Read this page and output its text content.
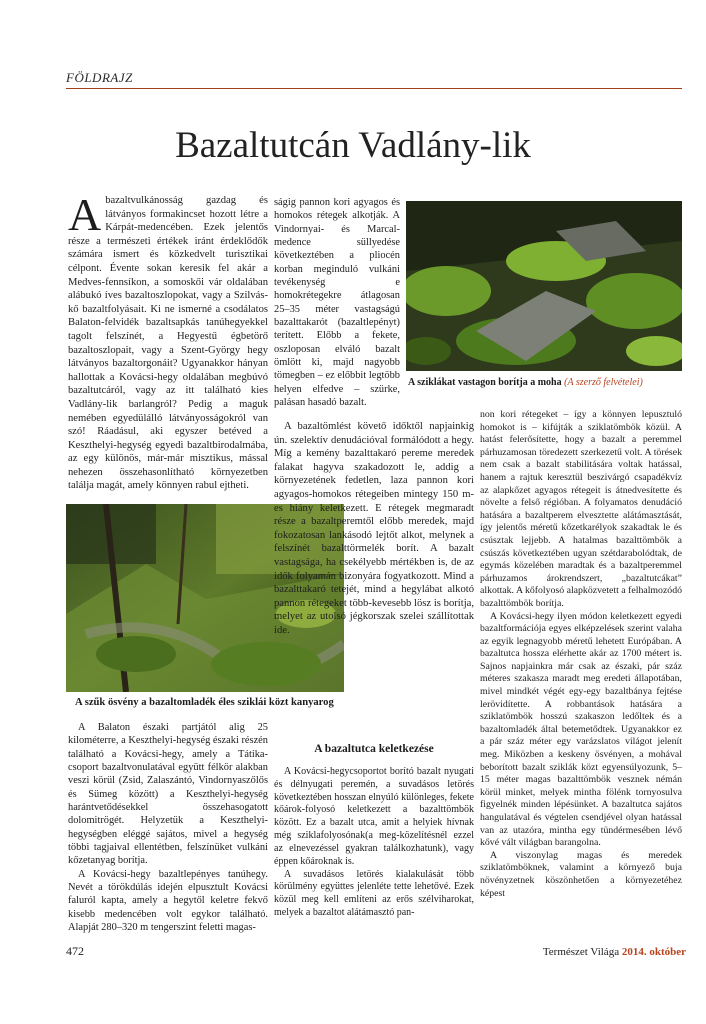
FÖLDRAJZ
Bazaltutcán Vadlány-lik
A bazaltvulkánosság gazdag és látványos formakincset hozott létre a Kárpát-medencében. Ezek jelentős része a természeti értékek iránt érdeklődők számára ismert és közkedvelt turisztikai célpont. Évente sokan keresik fel akár a Medves-fennsíkon, a somoskői vár oldalában alábukó íves bazaltoszlopokat, vagy a Szilvás-kő bazaltfolyásait. Ki ne ismerné a csodálatos Balaton-felvidék bazaltsapkás tanúhegyekkel tagolt felszínét, a Hegyestű égbetörő bazaltoszlopait, vagy a Szent-György hegy látványos bazaltorgonáit? Ugyanakkor hányan hallottak a Kovácsi-hegy oldalában megbúvó bazaltutcáról, vagy az itt található kies Vadlány-lik barlangról? Pedig a maguk nemében egyedülálló látványosságokról van szó! Ráadásul, aki egyszer betéved a Keszthelyi-hegység egyedi bazaltbirodalmába, az egy különös, már-már misztikus, mással nehezen összehasonlítható környezetben találja magát, amely könnyen rabul ejtheti.

A szűk ösvény a bazaltomladék éles sziklái közt kanyarog

A Balaton északi partjától alig 25 kilométerre, a Keszthelyi-hegység északi részén található a Kovácsi-hegy, amely a Tátika-csoport bazaltvonulatával együtt félkör alakban veszi körül (Zsid, Zalaszántó, Vindornyaszőlős és Sümeg között) a Keszthelyi-hegység harántvetődésekkel összehasogatott dolomitrögét. Helyzetük a Keszthelyi-hegységben eléggé sajátos, mivel a hegység többi tagjaival ellentétben, felszínüket vulkáni kőzetanyag borítja.

A Kovácsi-hegy bazaltlepényes tanúhegy. Nevét a törökdúlás idején elpusztult Kovácsi faluról kapta, amely a hegytől keletre fekvő kisebb medencében volt egykor található. Alapját 280–320 m tengerszint feletti magas-

ságig pannon kori agyagos és homokos rétegek alkotják. A Vindornyai- és Marcal-medence süllyedése következtében a pliocén korban meginduló vulkáni tevékenység e homokrétegekre átlagosan 25–35 méter vastagságú bazalttakarót (bazaltlepényt) terített. Előbb a fekete, oszloposan elváló bazalt ömlött ki, majd nagyobb tömegben – ez előbbit legtöbb helyen elfedve – szürke, palásan hasadó bazalt.

A sziklákat vastagon borítja a moha (A szerző felvételei)

A bazaltömlést követő időktől napjainkig ún. szelektív denudációval formálódott a hegy. Míg a kemény bazalttakaró pereme meredek falakat hagyva szakadozott le, addig a környezetének fedetlen, laza pannon kori agyagos-homokos rétegeiben mintegy 150 m-es hiány keletkezett. E rétegek megmaradt része a bazaltperemtől előbb meredek, majd fokozatosan lankásodó lejtőt alkot, melynek a felszínét bazalttörmelék borít. A bazalt vastagsága, ha csekélyebb mértékben is, de az idők folyamán bizonyára fogyatkozott. Mind a bazalttakaró tetejét, mind a hegylábat alkotó pannon rétegeket több-kevesebb lösz is borítja, melyet az utolsó jégkorszak szelei szállítottak ide.

A bazaltutca keletkezése

A Kovácsi-hegycsoportot borító bazalt nyugati és délnyugati peremén, a suvadásos letörés következtében hosszan elnyúló különleges, fekete kőárok-folyosó keletkezett a bazalttömbök között. Ez a bazalt utca, amit a helyiek hívnak még sziklafolyosónak(a meg-közelítésnél ezzel az elnevezéssel gyakran találkozhatunk), vagy éppen kőároknak is.

A suvadásos letörés kialakulását több körülmény együttes jelenléte tette lehetővé. Ezek közül meg kell említeni az erős szélviharokat, melyek a bazaltot alátámasztó pan-

non kori rétegeket – így a könnyen lepusztuló homokot is – kifújták a sziklatömbök közül. A hatást felerősítette, hogy a bazalt a peremmel párhuzamosan töredezett szerkezetű volt. A törések nem csak a bazalt stabilitására voltak hatással, hanem a rajtuk keresztül beszivárgó csapadékvíz az alapkőzet agyagos rétegeit is átnedvesítette és növelte a felső régióban. A folyamatos denudáció hatására a bazaltperem elvesztette alátámasztását, így jelentős méretű kőzetkarélyok szakadtak le és csúsztak lejjebb. A hatalmas bazalttömbök a csúszás következtében ugyan szétdarabolódtak, de egymás közelében maradtak és a bazaltperemmel párhuzamos árokrendszert, „bazaltutcákat” alkottak. A kőfolyosó alapközvetett a felhalmozódó bazalttömbök borítja.

A Kovácsi-hegy ilyen módon keletkezett egyedi bazaltformációja egyes elképzelések szerint valaha az egyik legnagyobb méretű lehetett Európában. A bazaltutca hossza elérhette akár az 1700 métert is. Sajnos napjainkra már csak az északi, pár száz méteres szakasza maradt meg eredeti állapotában, mivel mindkét végét egy-egy bazaltbánya fejtése lerövidítette. A robbantások hatására a sziklatömbök hosszú szakaszon ledőltek és a bazaltomladék által betemetődtek. Ugyanakkor ez a pár száz méter egy varázslatos világot jelenít meg. Miközben a keskeny ösvényen, a mohával beborított bazalt sziklák közt egyensúlyozunk, 5–15 méter magas bazalttömbök vesznek némán körül minket, melyek mintha fölénk tornyosulva figyelnék minden lépésünket. A bazaltutca sajátos hangulatával és végtelen csendjével olyan hatással van az utazóra, mintha egy tündérmesében lévő kővé vált világban barangolna.

A viszonylag magas és meredek sziklatömböknek, valamint a környező buja növényzetnek köszönhetően a környezetéhez képest

472	Természet Világa 2014. október
